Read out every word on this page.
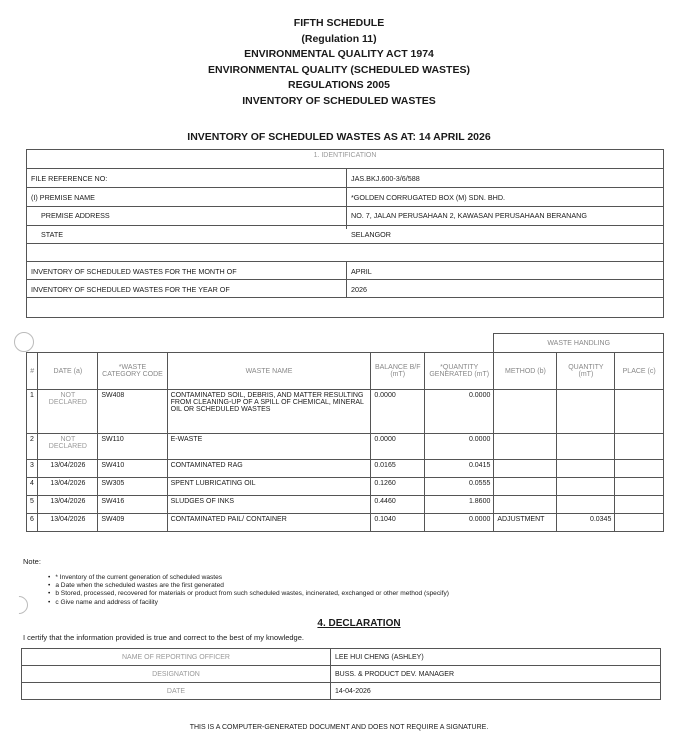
FIFTH SCHEDULE
(Regulation 11)
ENVIRONMENTAL QUALITY ACT 1974
ENVIRONMENTAL QUALITY (SCHEDULED WASTES)
REGULATIONS 2005
INVENTORY OF SCHEDULED WASTES
INVENTORY OF SCHEDULED WASTES AS AT: 14 APRIL 2026
1. IDENTIFICATION
FILE REFERENCE NO:	JAS.BKJ.600-3/6/588
(I) PREMISE NAME	*GOLDEN CORRUGATED BOX (M) SDN. BHD.
PREMISE ADDRESS	NO. 7, JALAN PERUSAHAAN 2, KAWASAN PERUSAHAAN BERANANG
STATE	SELANGOR
INVENTORY OF SCHEDULED WASTES FOR THE MONTH OF	APRIL
INVENTORY OF SCHEDULED WASTES FOR THE YEAR OF	2026
						WASTE HANDLING		
#	DATE (a)	*WASTE CATEGORY CODE	WASTE NAME	BALANCE B/F (mT)	*QUANTITY GENERATED (mT)	METHOD (b)	QUANTITY (mT)	PLACE (c)
1	NOT DECLARED	SW408	CONTAMINATED SOIL, DEBRIS, AND MATTER RESULTING FROM CLEANING-UP OF A SPILL OF CHEMICAL, MINERAL OIL OR SCHEDULED WASTES	0.0000	0.0000			
2	NOT DECLARED	SW110	E-WASTE	0.0000	0.0000			
3	13/04/2026	SW410	CONTAMINATED RAG	0.0165	0.0415			
4	13/04/2026	SW305	SPENT LUBRICATING OIL	0.1260	0.0555			
5	13/04/2026	SW416	SLUDGES OF INKS	0.4460	1.8600			
6	13/04/2026	SW409	CONTAMINATED PAIL/ CONTAINER	0.1040	0.0000	ADJUSTMENT	0.0345	
Note:
• * Inventory of the current generation of scheduled wastes
• a Date when the scheduled wastes are the first generated
• b Stored, processed, recovered for materials or product from such scheduled wastes, incinerated, exchanged or other method (specify)
• c Give name and address of facility
4. DECLARATION
I certify that the information provided is true and correct to the best of my knowledge.
NAME OF REPORTING OFFICER	LEE HUI CHENG (ASHLEY)
DESIGNATION	BUSS. & PRODUCT DEV. MANAGER
DATE	14-04-2026
THIS IS A COMPUTER-GENERATED DOCUMENT AND DOES NOT REQUIRE A SIGNATURE.
